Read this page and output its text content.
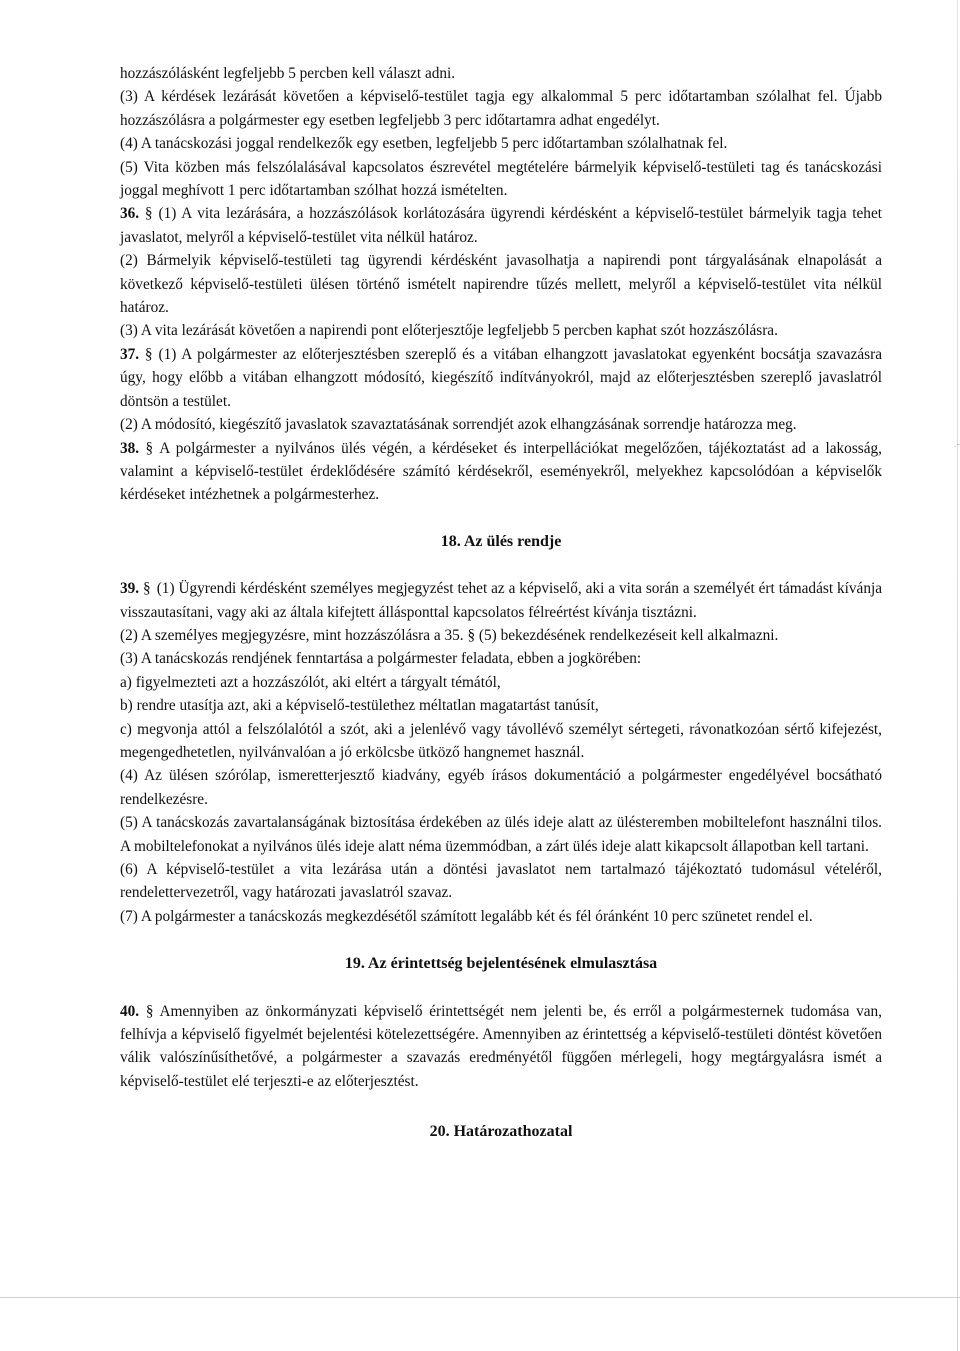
.-

hozzászólásként legfeljebb 5 percben kell választ adni.

(3) A kérdések lezárását követően a képviselő-testület tagja egy alkalommal 5 perc időtartamban szólalhat fel. Újabb hozzászólásra a polgármester egy esetben legfeljebb 3 perc időtartamra adhat engedélyt.

(4) A tanácskozási joggal rendelkezők egy esetben, legfeljebb 5 perc időtartamban szólalhatnak fel.

(5) Vita közben más felszólalásával kapcsolatos észrevétel megtételére bármelyik képviselő-testületi tag és tanácskozási joggal meghívott 1 perc időtartamban szólhat hozzá ismételten.

36. § (1) A vita lezárására, a hozzászólások korlátozására ügyrendi kérdésként a képviselő-testület bármelyik tagja tehet javaslatot, melyről a képviselő-testület vita nélkül határoz.

(2) Bármelyik képviselő-testületi tag ügyrendi kérdésként javasolhatja a napirendi pont tárgyalásának elnapolását a következő képviselő-testületi ülésen történő ismételt napirendre tűzés mellett, melyről a képviselő-testület vita nélkül határoz.

(3) A vita lezárását követően a napirendi pont előterjesztője legfeljebb 5 percben kaphat szót hozzászólásra.

37. § (1) A polgármester az előterjesztésben szereplő és a vitában elhangzott javaslatokat egyenként bocsátja szavazásra úgy, hogy előbb a vitában elhangzott módosító, kiegészítő indítványokról, majd az előterjesztésben szereplő javaslatról döntsön a testület.

(2) A módosító, kiegészítő javaslatok szavaztatásának sorrendjét azok elhangzásának sorrendje határozza meg.

38. § A polgármester a nyilvános ülés végén, a kérdéseket és interpellációkat megelőzően, tájékoztatást ad a lakosság, valamint a képviselő-testület érdeklődésére számító kérdésekről, eseményekről, melyekhez kapcsolódóan a képviselők kérdéseket intézhetnek a polgármesterhez.

18. Az ülés rendje

39. § (1) Ügyrendi kérdésként személyes megjegyzést tehet az a képviselő, aki a vita során a személyét ért támadást kívánja visszautasítani, vagy aki az általa kifejtett állásponttal kapcsolatos félreértést kívánja tisztázni.

(2) A személyes megjegyzésre, mint hozzászólásra a 35. § (5) bekezdésének rendelkezéseit kell alkalmazni.

(3) A tanácskozás rendjének fenntartása a polgármester feladata, ebben a jogkörében:

a) figyelmezteti azt a hozzászólót, aki eltért a tárgyalt témától,

b) rendre utasítja azt, aki a képviselő-testülethez méltatlan magatartást tanúsít,

c) megvonja attól a felszólalótól a szót, aki a jelenlévő vagy távollévő személyt sértegeti, rávonatkozóan sértő kifejezést, megengedhetetlen, nyilvánvalóan a jó erkölcsbe ütköző hangnemet használ.

(4) Az ülésen szórólap, ismeretterjesztő kiadvány, egyéb írásos dokumentáció a polgármester engedélyével bocsátható rendelkezésre.

(5) A tanácskozás zavartalanságának biztosítása érdekében az ülés ideje alatt az ülésteremben mobiltelefont használni tilos. A mobiltelefonokat a nyilvános ülés ideje alatt néma üzemmódban, a zárt ülés ideje alatt kikapcsolt állapotban kell tartani.

(6) A képviselő-testület a vita lezárása után a döntési javaslatot nem tartalmazó tájékoztató tudomásul vételéről, rendelettervezetről, vagy határozati javaslatról szavaz.

(7) A polgármester a tanácskozás megkezdésétől számított legalább két és fél óránként 10 perc szünetet rendel el.

19. Az érintettség bejelentésének elmulasztása

40. § Amennyiben az önkormányzati képviselő érintettségét nem jelenti be, és erről a polgármesternek tudomása van, felhívja a képviselő figyelmét bejelentési kötelezettségére. Amennyiben az érintettség a képviselő-testületi döntést követően válik valószínűsíthetővé, a polgármester a szavazás eredményétől függően mérlegeli, hogy megtárgyalásra ismét a képviselő-testület elé terjeszti-e az előterjesztést.

20. Határozathozatal
